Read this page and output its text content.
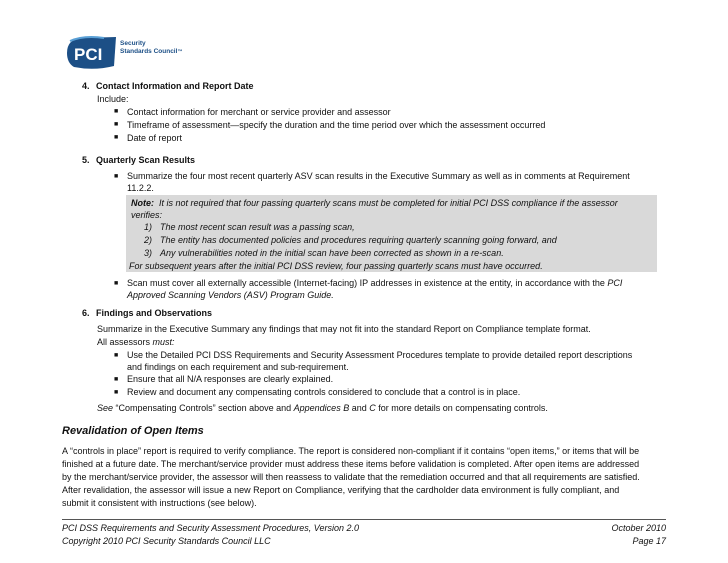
PCI
Security
Standards Council™
4. Contact Information and Report Date
Include:
■ Contact information for merchant or service provider and assessor
■ Timeframe of assessment—specify the duration and the time period over which the assessment occurred
■ Date of report
5. Quarterly Scan Results
■ Summarize the four most recent quarterly ASV scan results in the Executive Summary as well as in comments at Requirement
11.2.2.
Note: It is not required that four passing quarterly scans must be completed for initial PCI DSS compliance if the assessor
verifies:
1) The most recent scan result was a passing scan,
2) The entity has documented policies and procedures requiring quarterly scanning going forward, and
3) Any vulnerabilities noted in the initial scan have been corrected as shown in a re-scan.
For subsequent years after the initial PCI DSS review, four passing quarterly scans must have occurred.
■ Scan must cover all externally accessible (Internet-facing) IP addresses in existence at the entity, in accordance with the PCI
Approved Scanning Vendors (ASV) Program Guide.
6. Findings and Observations
Summarize in the Executive Summary any findings that may not fit into the standard Report on Compliance template format.
All assessors must:
■ Use the Detailed PCI DSS Requirements and Security Assessment Procedures template to provide detailed report descriptions
and findings on each requirement and sub-requirement.
■ Ensure that all N/A responses are clearly explained.
■ Review and document any compensating controls considered to conclude that a control is in place.
See “Compensating Controls” section above and Appendices B and C for more details on compensating controls.
Revalidation of Open Items
A “controls in place” report is required to verify compliance. The report is considered non-compliant if it contains “open items,” or items that will be
finished at a future date. The merchant/service provider must address these items before validation is completed. After open items are addressed
by the merchant/service provider, the assessor will then reassess to validate that the remediation occurred and that all requirements are satisfied.
After revalidation, the assessor will issue a new Report on Compliance, verifying that the cardholder data environment is fully compliant, and
submit it consistent with instructions (see below).
PCI DSS Requirements and Security Assessment Procedures, Version 2.0
Copyright 2010 PCI Security Standards Council LLC
October 2010
Page 17
